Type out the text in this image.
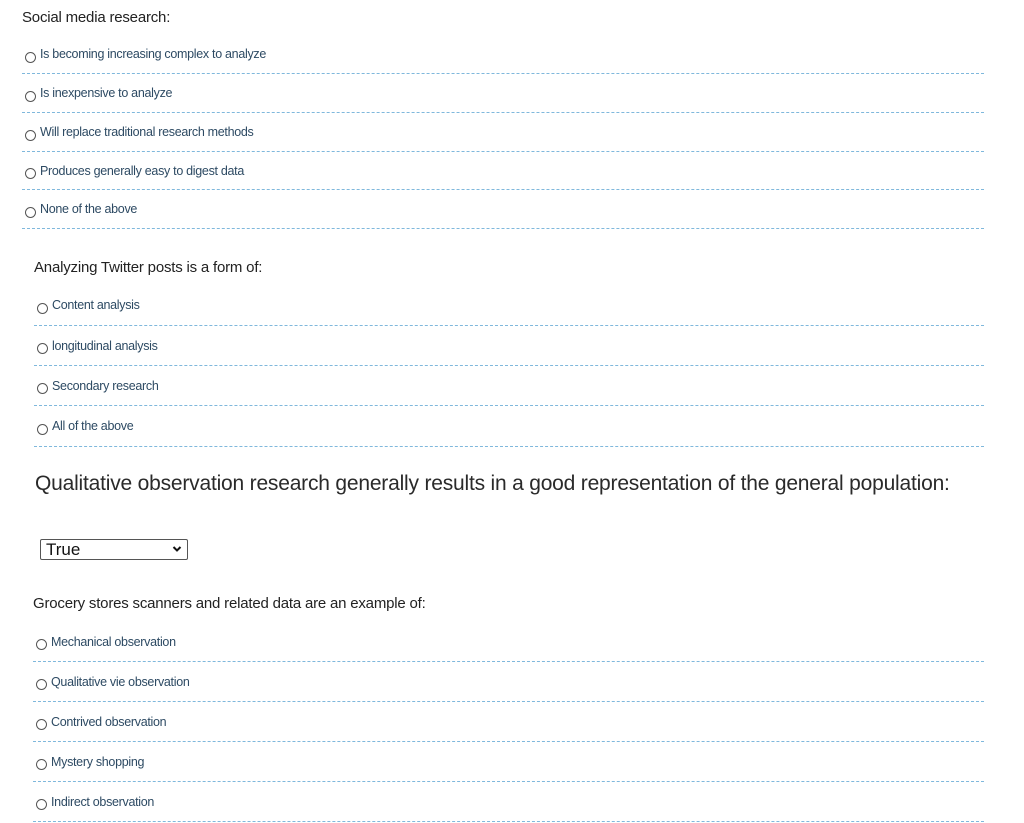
Social media research:
Is becoming increasing complex to analyze
Is inexpensive to analyze
Will replace traditional research methods
Produces generally easy to digest data
None of the above
Analyzing Twitter posts is a form of:
Content analysis
longitudinal analysis
Secondary research
All of the above
Qualitative observation research generally results in a good representation of the general population:
True
Grocery stores scanners and related data are an example of:
Mechanical observation
Qualitative vie observation
Contrived observation
Mystery shopping
Indirect observation
